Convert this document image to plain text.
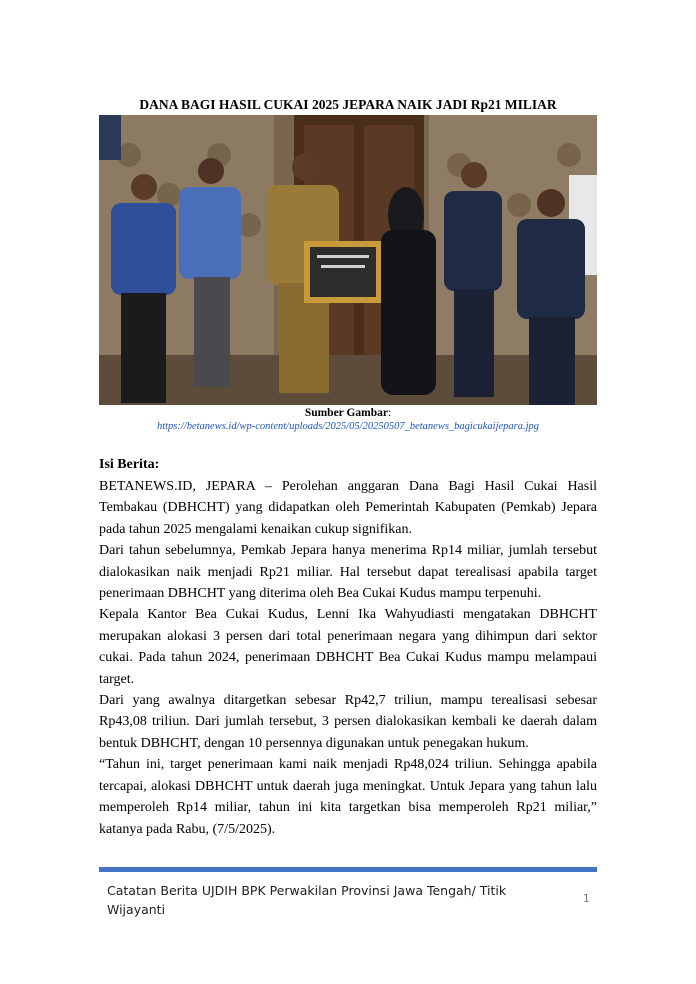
DANA BAGI HASIL CUKAI 2025 JEPARA NAIK JADI Rp21 MILIAR
Sumber Gambar:
https://betanews.id/wp-content/uploads/2025/05/20250507_betanews_bagicukaijepara.jpg
Isi Berita:

BETANEWS.ID, JEPARA – Perolehan anggaran Dana Bagi Hasil Cukai Hasil Tembakau (DBHCHT) yang didapatkan oleh Pemerintah Kabupaten (Pemkab) Jepara pada tahun 2025 mengalami kenaikan cukup signifikan.

Dari tahun sebelumnya, Pemkab Jepara hanya menerima Rp14 miliar, jumlah tersebut dialokasikan naik menjadi Rp21 miliar. Hal tersebut dapat terealisasi apabila target penerimaan DBHCHT yang diterima oleh Bea Cukai Kudus mampu terpenuhi.

Kepala Kantor Bea Cukai Kudus, Lenni Ika Wahyudiasti mengatakan DBHCHT merupakan alokasi 3 persen dari total penerimaan negara yang dihimpun dari sektor cukai. Pada tahun 2024, penerimaan DBHCHT Bea Cukai Kudus mampu melampaui target.

Dari yang awalnya ditargetkan sebesar Rp42,7 triliun, mampu terealisasi sebesar Rp43,08 triliun. Dari jumlah tersebut, 3 persen dialokasikan kembali ke daerah dalam bentuk DBHCHT, dengan 10 persennya digunakan untuk penegakan hukum.

“Tahun ini, target penerimaan kami naik menjadi Rp48,024 triliun. Sehingga apabila tercapai, alokasi DBHCHT untuk daerah juga meningkat. Untuk Jepara yang tahun lalu memperoleh Rp14 miliar, tahun ini kita targetkan bisa memperoleh Rp21 miliar,” katanya pada Rabu, (7/5/2025).

Catatan Berita UJDIH BPK Perwakilan Provinsi Jawa Tengah/ Titik Wijayanti
1
